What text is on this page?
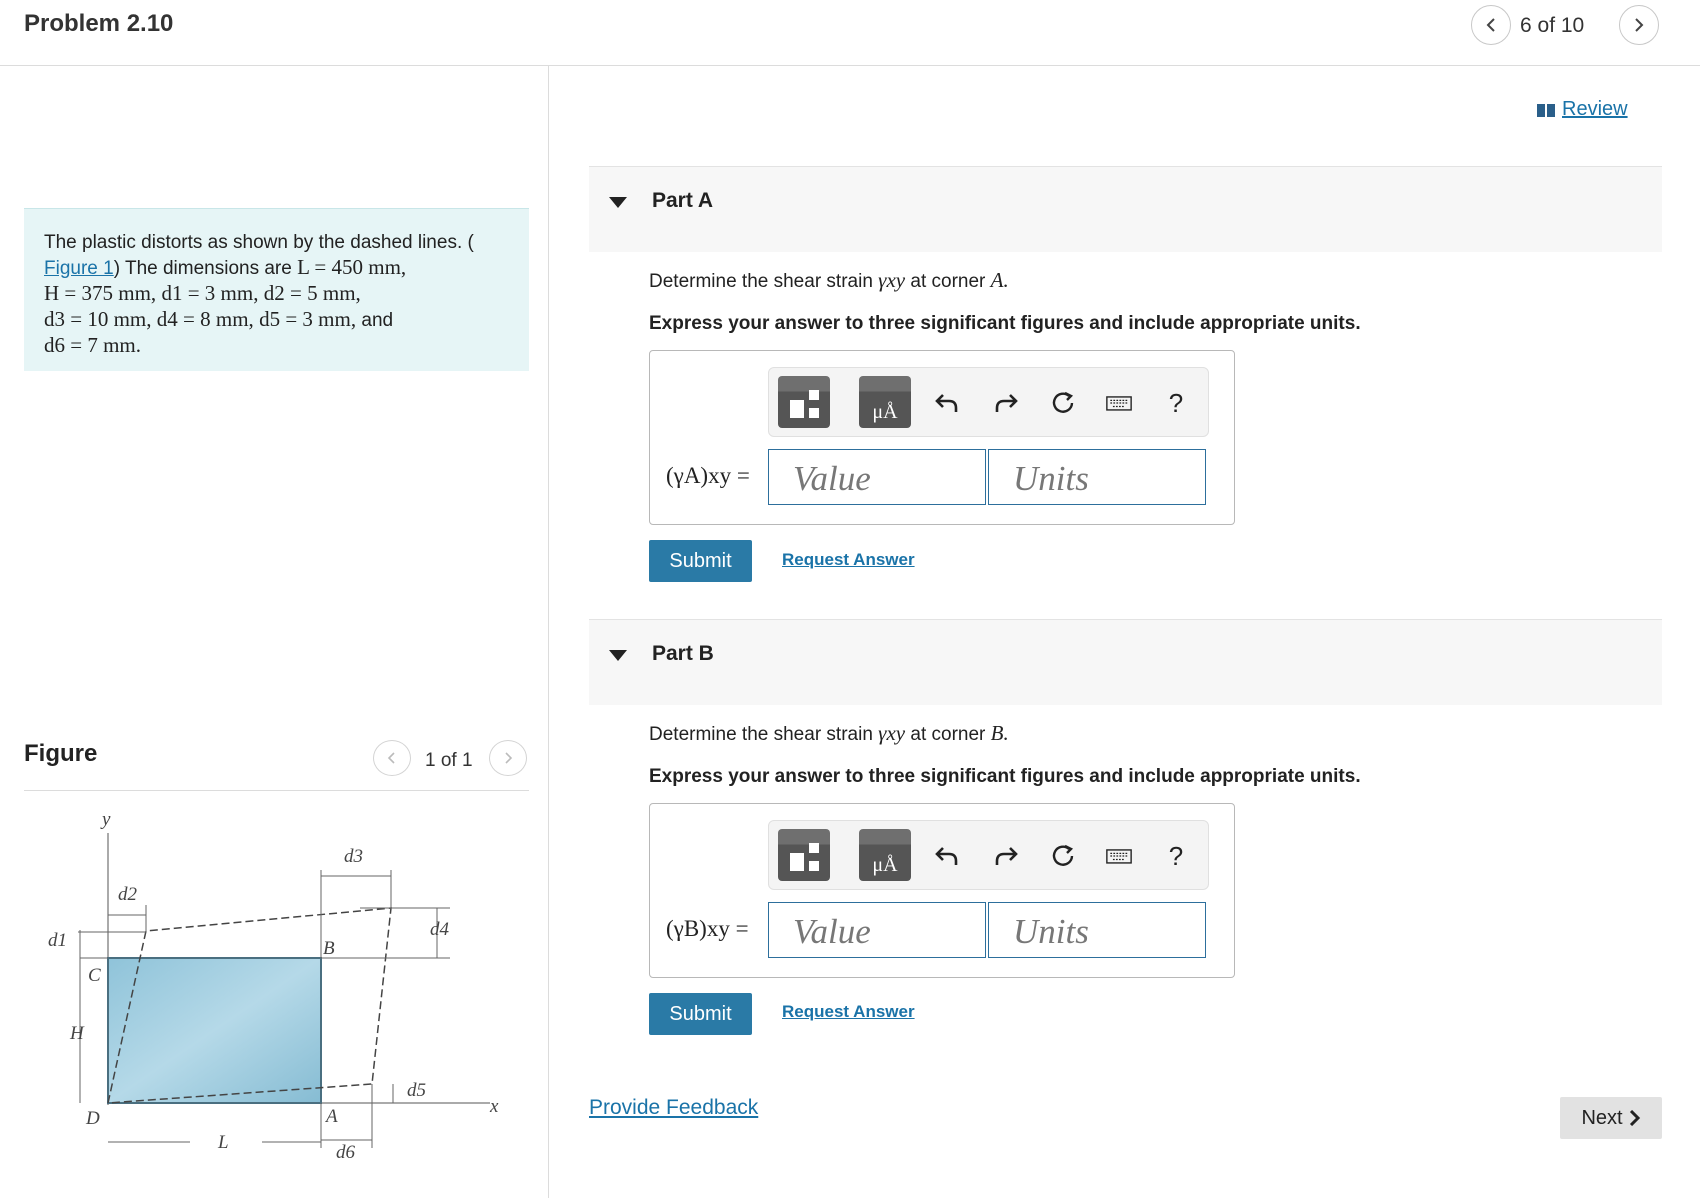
Problem 2.10	6 of 10
The plastic distorts as shown by the dashed lines. (
Figure 1) The dimensions are L = 450 mm,
H = 375 mm, d1 = 3 mm, d2 = 5 mm,
d3 = 10 mm, d4 = 8 mm, d5 = 3 mm, and
d6 = 7 mm.
Figure	1 of 1
y
x
B
C
D	A
H
L
d1
d2
d3
d4
d5
d6
Review
Part A
Determine the shear strain γxy at corner A.
Express your answer to three significant figures and include appropriate units.
μÅ	?
(γA)xy =
Value
Units
Submit	Request Answer
Part B
Determine the shear strain γxy at corner B.
Express your answer to three significant figures and include appropriate units.
μÅ	?
(γB)xy =
Value
Units
Submit	Request Answer
Provide Feedback	Next
